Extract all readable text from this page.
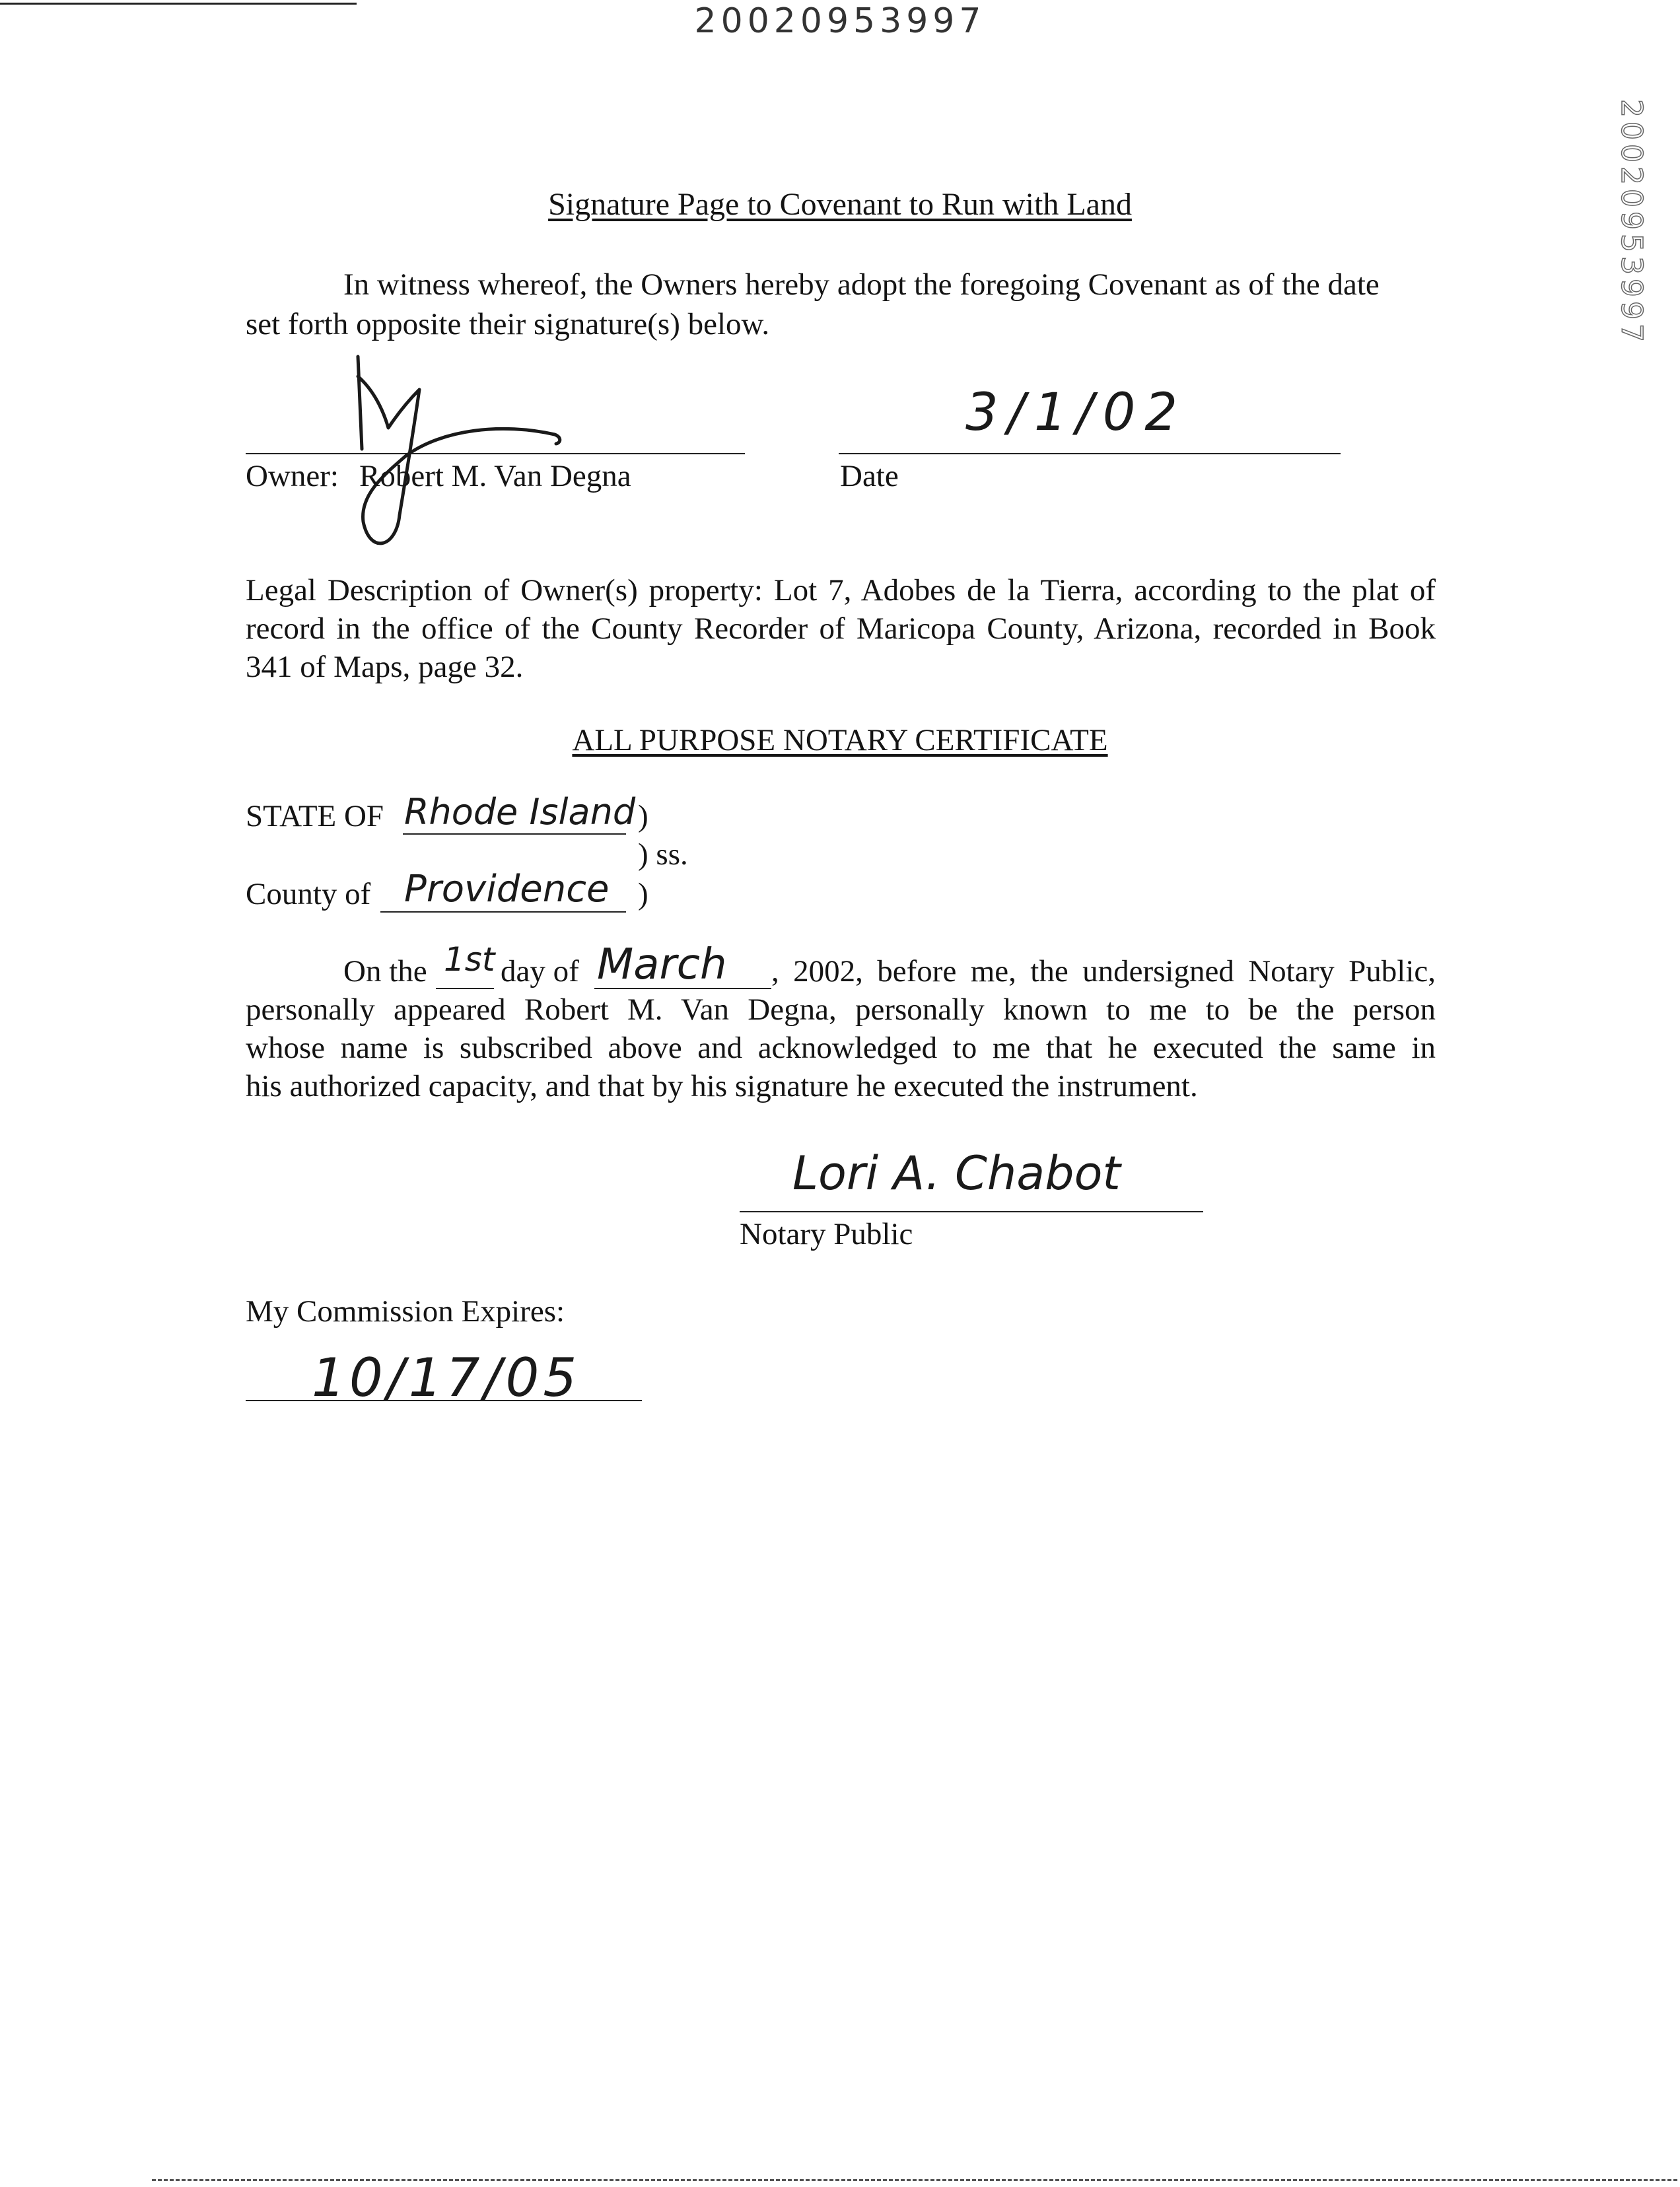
20020953997
20020953997
Signature Page to Covenant to Run with Land
In witness whereof, the Owners hereby adopt the foregoing Covenant as of the date
set forth opposite their signature(s) below.
Owner: Robert M. Van Degna
3/1/02
Date
Legal Description of Owner(s) property: Lot 7, Adobes de la Tierra, according to the plat of
record in the office of the County Recorder of Maricopa County, Arizona, recorded in Book
341 of Maps, page 32.
ALL PURPOSE NOTARY CERTIFICATE
STATE OF Rhode Island )
) ss.
County of Providence )
On the 1st day of March , 2002, before me, the undersigned Notary Public,
personally appeared Robert M. Van Degna, personally known to me to be the person
whose name is subscribed above and acknowledged to me that he executed the same in
his authorized capacity, and that by his signature he executed the instrument.
Lori A. Chabot
Notary Public
My Commission Expires:
10/17/05
